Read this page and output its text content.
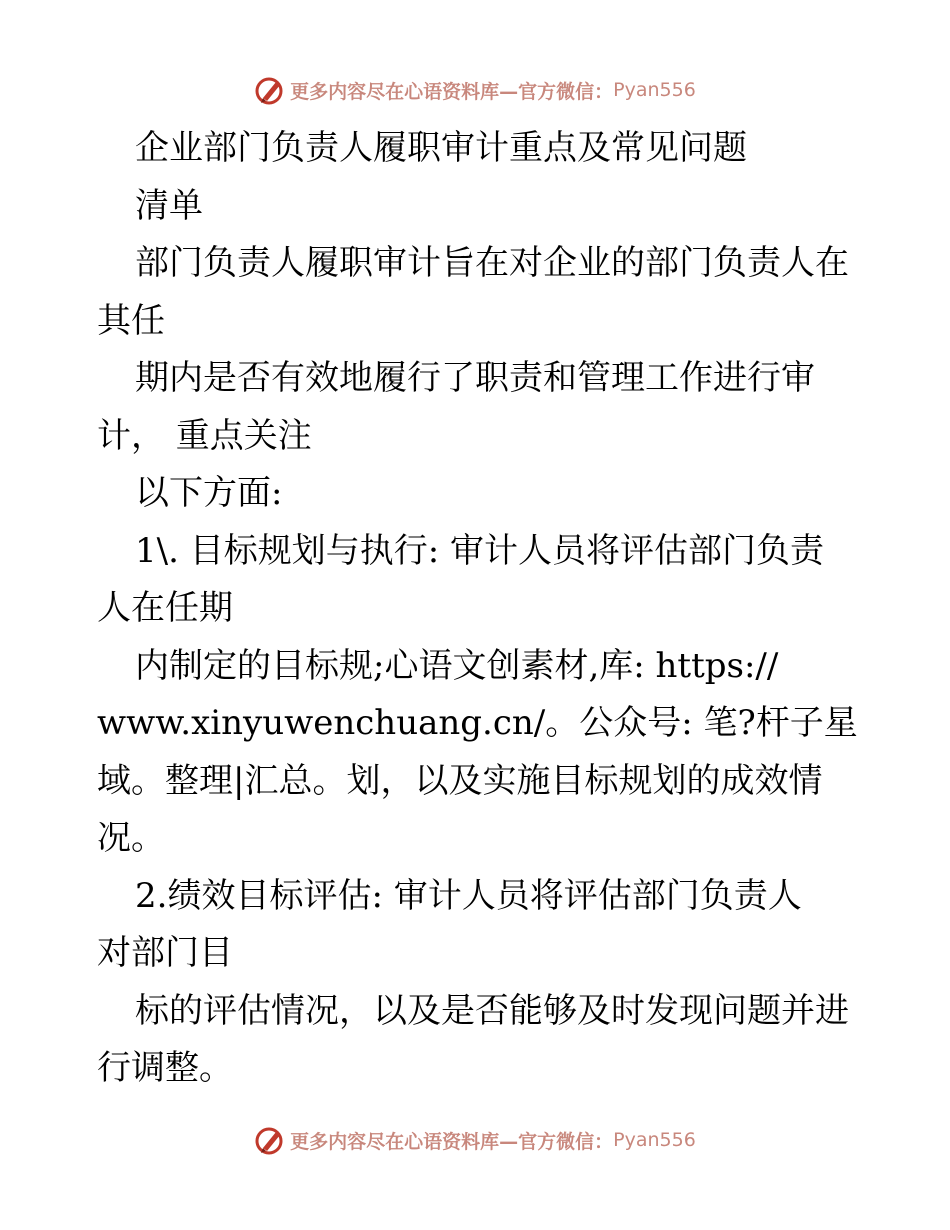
更多内容尽在心语资料库—官方微信： Pyan556
企业部门负责人履职审计重点及常见问题
清单
部门负责人履职审计旨在对企业的部门负责人在
其任
期内是否有效地履行了职责和管理工作进行审
计， 重点关注
以下方面:
1\. 目标规划与执行: 审计人员将评估部门负责
人在任期
内制定的目标规;心语文创素材,库: https://
www.xinyuwenchuang.cn/。公众号: 笔?杆子星
域。整理|汇总。划，以及实施目标规划的成效情
况。
2.绩效目标评估: 审计人员将评估部门负责人
对部门目
标的评估情况，以及是否能够及时发现问题并进
行调整。
更多内容尽在心语资料库—官方微信： Pyan556
